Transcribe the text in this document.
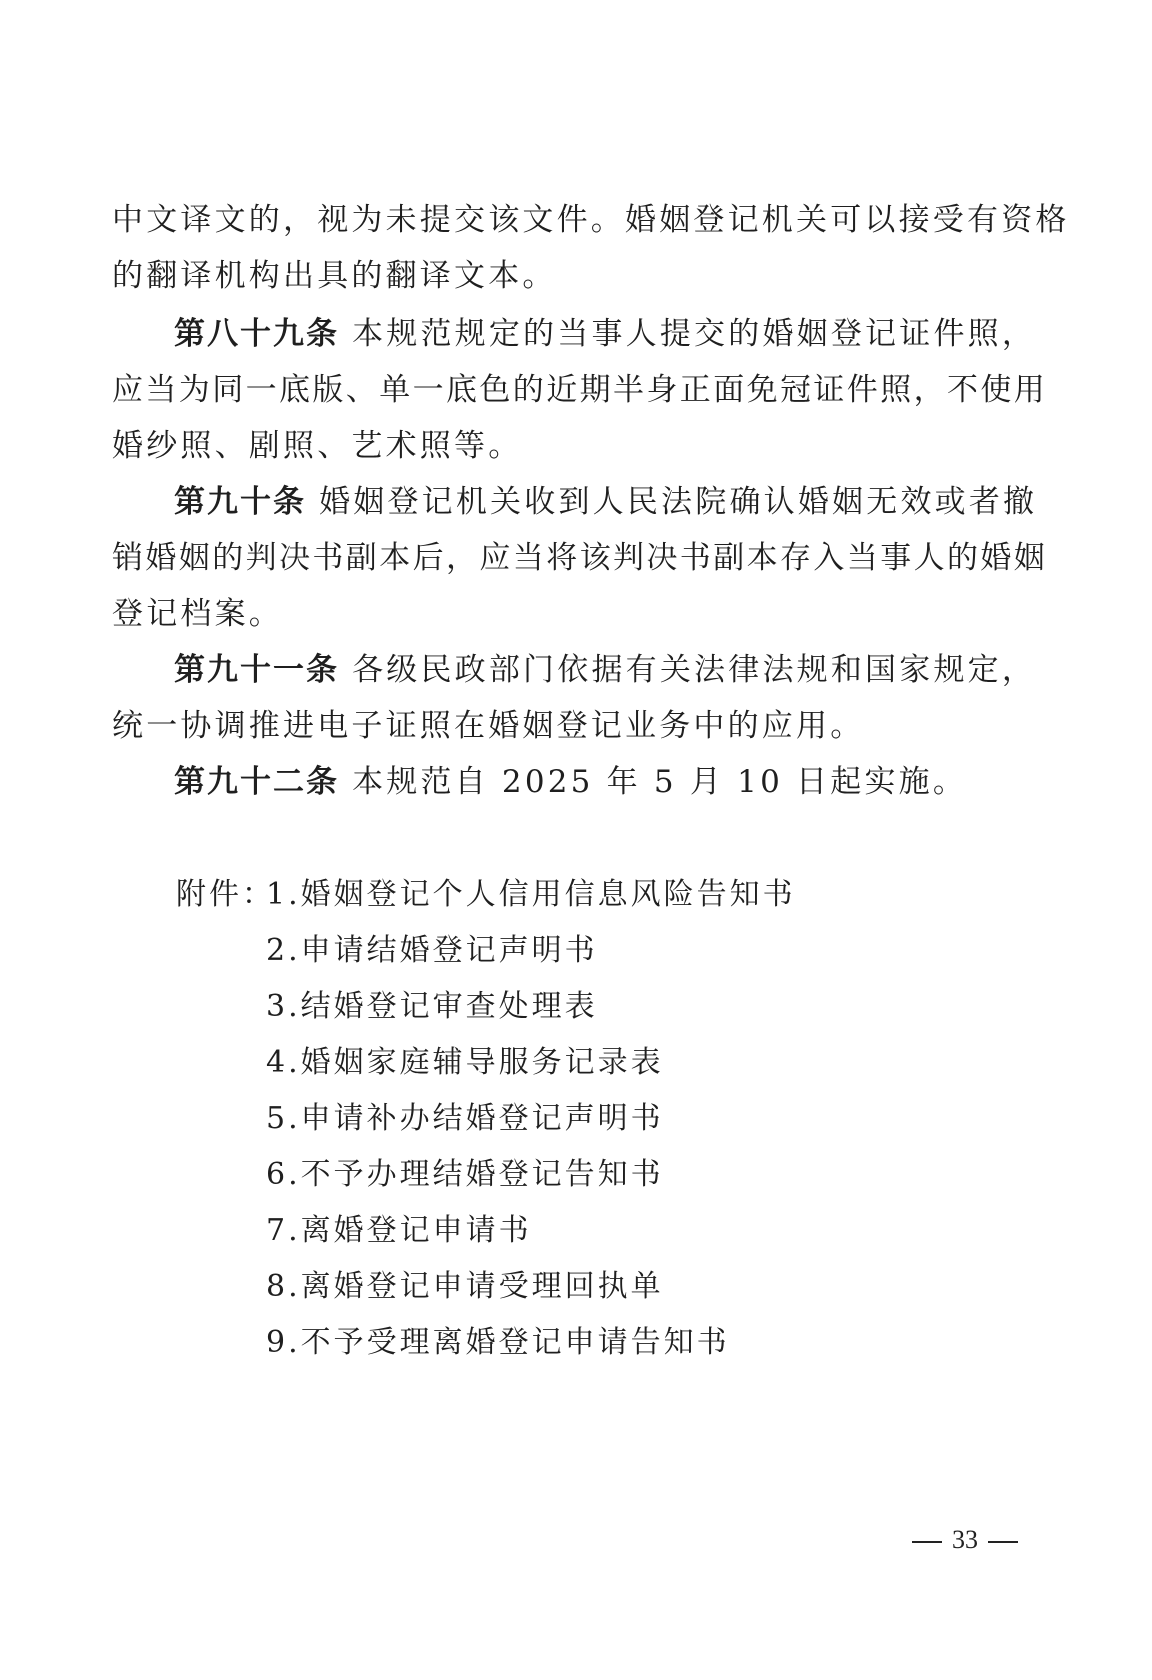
中文译文的，视为未提交该文件。婚姻登记机关可以接受有资格
的翻译机构出具的翻译文本。
第八十九条 本规范规定的当事人提交的婚姻登记证件照，
应当为同一底版、单一底色的近期半身正面免冠证件照，不使用
婚纱照、剧照、艺术照等。
第九十条 婚姻登记机关收到人民法院确认婚姻无效或者撤
销婚姻的判决书副本后，应当将该判决书副本存入当事人的婚姻
登记档案。
第九十一条 各级民政部门依据有关法律法规和国家规定，
统一协调推进电子证照在婚姻登记业务中的应用。
第九十二条 本规范自 2025 年 5 月 10 日起实施。
附件：
1.婚姻登记个人信用信息风险告知书
2.申请结婚登记声明书
3.结婚登记审查处理表
4.婚姻家庭辅导服务记录表
5.申请补办结婚登记声明书
6.不予办理结婚登记告知书
7.离婚登记申请书
8.离婚登记申请受理回执单
9.不予受理离婚登记申请告知书
33
